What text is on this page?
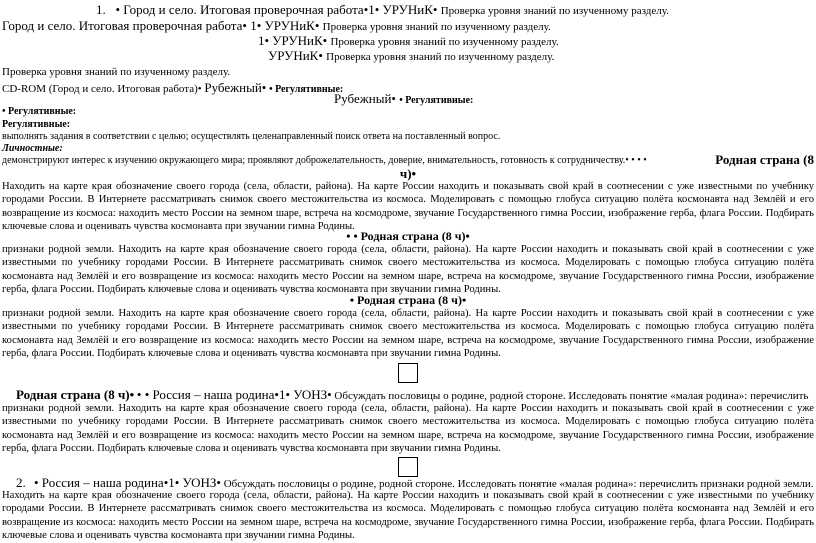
1. • Город и село. Итоговая проверочная работа•1• УРУНиК• Проверка уровня знаний по изученному разделу.
Город и село. Итоговая проверочная работа• 1• УРУНиК• Проверка уровня знаний по изученному разделу.
1• УРУНиК• Проверка уровня знаний по изученному разделу.
УРУНиК• Проверка уровня знаний по изученному разделу.
Проверка уровня знаний по изученному разделу.
CD-ROM (Город и село. Итоговая работа)• Рубежный• • Регулятивные:
Рубежный• • Регулятивные:
• Регулятивные:
Регулятивные:
выполнять задания в соответствии с целью; осуществлять целенаправленный поиск ответа на поставленный вопрос.
Личностные:
демонстрируют интерес к изучению окружающего мира; проявляют доброжелательность, доверие, внимательность, готовность к сотрудничеству.• • • •	Родная страна (8
ч)•
Находить на карте края обозначение своего города (села, области, района). На карте России находить и показывать свой край в соотнесении с уже известными по учебнику городами России. В Интернете рассматривать снимок своего местожительства из космоса. Моделировать с помощью глобуса ситуацию полёта космонавта над Землёй и его возвращение из космоса: находить место России на земном шаре, встреча на космодроме, звучание Государственного гимна России, изображение герба, флага России. Подбирать ключевые слова и оценивать чувства космонавта при звучании гимна Родины.
• • Родная страна (8 ч)•
признаки родной земли. Находить на карте края обозначение своего города (села, области, района). На карте России находить и показывать свой край в соотнесении с уже известными по учебнику городами России. В Интернете рассматривать снимок своего местожительства из космоса. Моделировать с помощью глобуса ситуацию полёта космонавта над Землёй и его возвращение из космоса: находить место России на земном шаре, встреча на космодроме, звучание Государственного гимна России, изображение герба, флага России. Подбирать ключевые слова и оценивать чувства космонавта при звучании гимна Родины.
• Родная страна (8 ч)•
признаки родной земли. Находить на карте края обозначение своего города (села, области, района). На карте России находить и показывать свой край в соотнесении с уже известными по учебнику городами России. В Интернете рассматривать снимок своего местожительства из космоса. Моделировать с помощью глобуса ситуацию полёта космонавта над Землёй и его возвращение из космоса: находить место России на земном шаре, встреча на космодроме, звучание Государственного гимна России, изображение герба, флага России. Подбирать ключевые слова и оценивать чувства космонавта при звучании гимна Родины.
Родная страна (8 ч)• • • Россия – наша родина•1• УОНЗ• Обсуждать пословицы о родине, родной стороне. Исследовать понятие «малая родина»: перечислить
признаки родной земли. Находить на карте края обозначение своего города (села, области, района). На карте России находить и показывать свой край в соотнесении с уже известными по учебнику городами России. В Интернете рассматривать снимок своего местожительства из космоса. Моделировать с помощью глобуса ситуацию полёта космонавта над Землёй и его возвращение из космоса: находить место России на земном шаре, встреча на космодроме, звучание Государственного гимна России, изображение герба, флага России. Подбирать ключевые слова и оценивать чувства космонавта при звучании гимна Родины.
2. • Россия – наша родина•1• УОНЗ• Обсуждать пословицы о родине, родной стороне. Исследовать понятие «малая родина»: перечислить признаки родной земли.
Находить на карте края обозначение своего города (села, области, района). На карте России находить и показывать свой край в соотнесении с уже известными по учебнику городами России. В Интернете рассматривать снимок своего местожительства из космоса. Моделировать с помощью глобуса ситуацию полёта космонавта над Землёй и его возвращение из космоса: находить место России на земном шаре, встреча на космодроме, звучание Государственного гимна России, изображение герба, флага России. Подбирать ключевые слова и оценивать чувства космонавта при звучании гимна Родины.
